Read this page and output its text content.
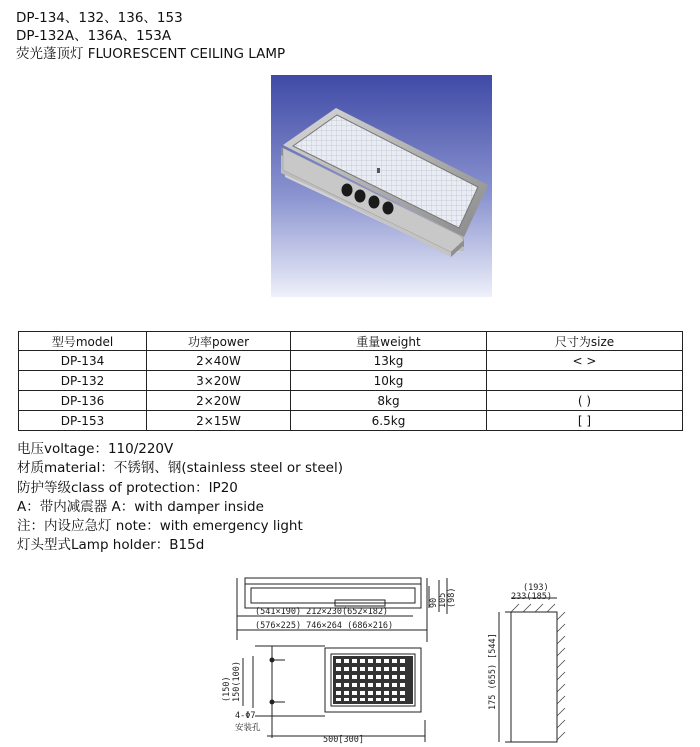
DP-134、132、136、153
DP-132A、136A、153A
荧光蓬顶灯 FLUORESCENT CEILING LAMP
型号model	功率power	重量weight	尺寸为size
DP-134	2×40W	13kg	< >
DP-132	3×20W	10kg	
DP-136	2×20W	8kg	( )
DP-153	2×15W	6.5kg	[ ]
电压voltage：110/220V
材质material：不锈钢、钢(stainless steel or steel)
防护等级class of protection：IP20
A：带内减震器 A：with damper inside
注：内设应急灯 note：with emergency light
灯头型式Lamp holder：B15d
(541×190) 212×230(652×182)
(576×225) 746×264 (686×216)
90 105 (98)	(193)
233(185)
175 (655) [544]
(150) 150(100)
4-Φ7
安装孔
500[300]
